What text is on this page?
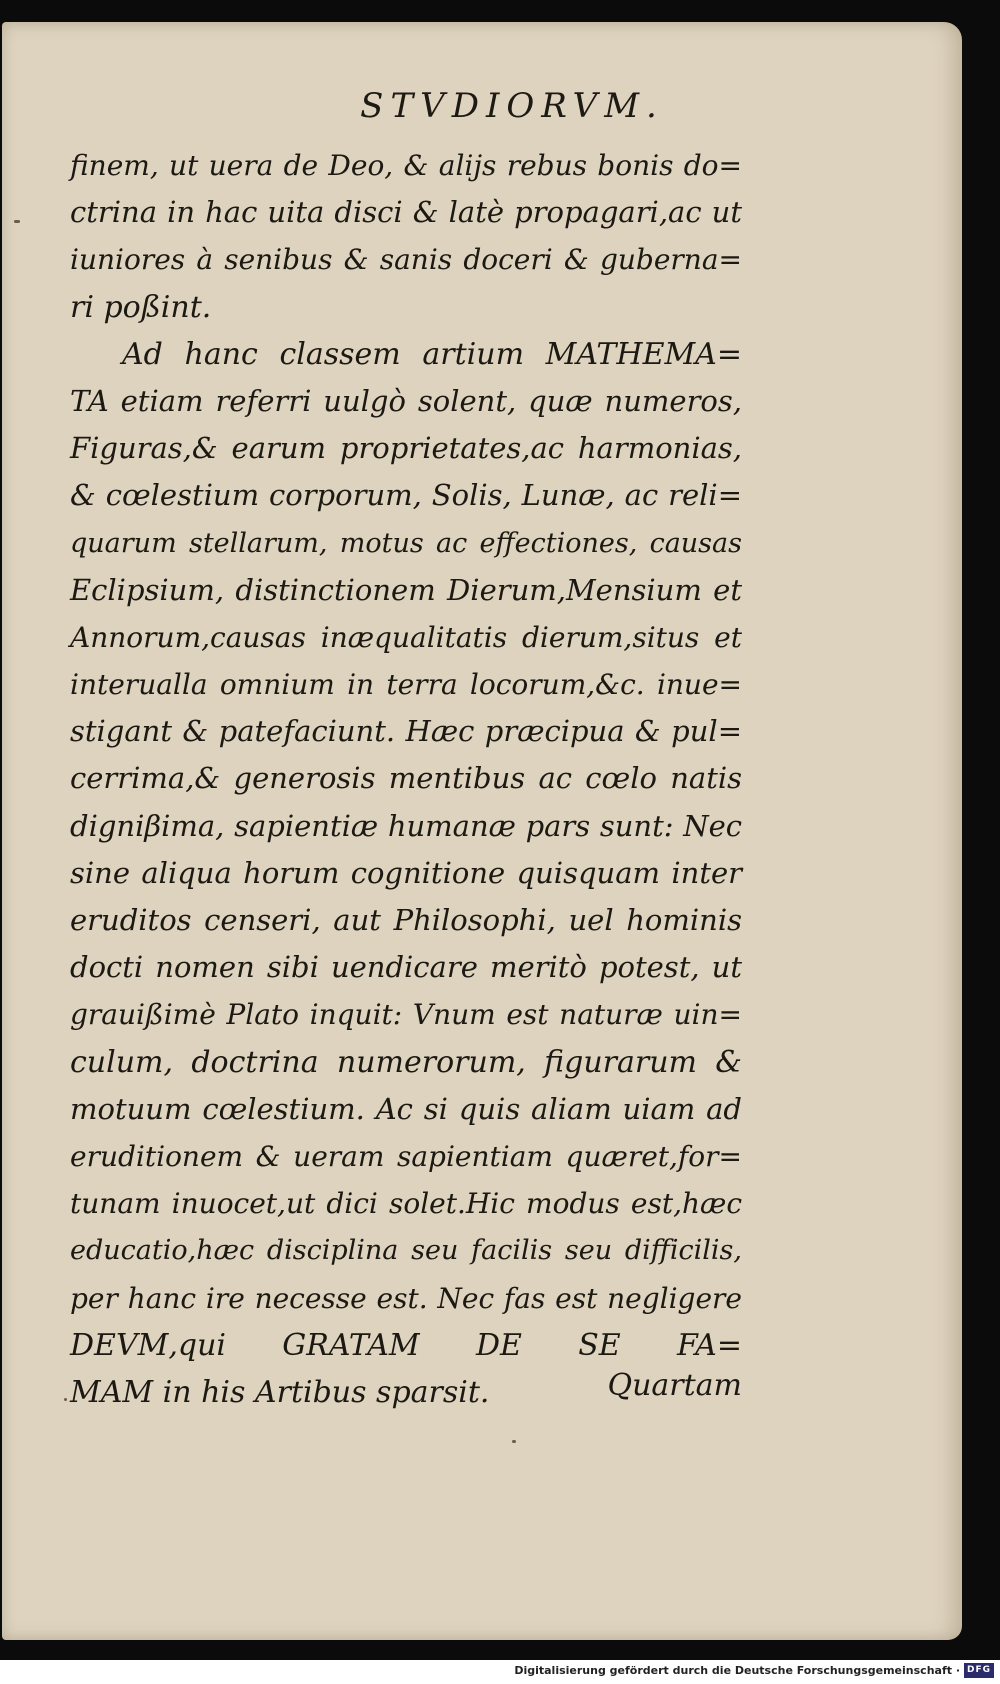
STVDIORVM.
finem, ut uera de Deo, & alijs rebus bonis do=
ctrina in hac uita disci & latè propagari,ac ut
iuniores à senibus & sanis doceri & guberna=
ri poßint.
Ad hanc classem artium MATHEMA=
TA etiam referri uulgò solent, quæ numeros,
Figuras,& earum proprietates,ac harmonias,
& cœlestium corporum, Solis, Lunæ, ac reli=
quarum stellarum, motus ac effectiones, causas
Eclipsium, distinctionem Dierum,Mensium et
Annorum,causas inæqualitatis dierum,situs et
interualla omnium in terra locorum,&c. inue=
stigant & patefaciunt. Hæc præcipua & pul=
cerrima,& generosis mentibus ac cœlo natis
digniβima, sapientiæ humanæ pars sunt: Nec
sine aliqua horum cognitione quisquam inter
eruditos censeri, aut Philosophi, uel hominis
docti nomen sibi uendicare meritò potest, ut
grauißimè Plato inquit: Vnum est naturæ uin=
culum, doctrina numerorum, figurarum &
motuum cœlestium. Ac si quis aliam uiam ad
eruditionem & ueram sapientiam quæret,for=
tunam inuocet,ut dici solet.Hic modus est,hæc
educatio,hæc disciplina seu facilis seu difficilis,
per hanc ire necesse est. Nec fas est negligere
DEVM,qui GRATAM DE SE FA=
MAM in his Artibus sparsit.	Quartam
Digitalisierung gefördert durch die Deutsche Forschungsgemeinschaft · DFG
